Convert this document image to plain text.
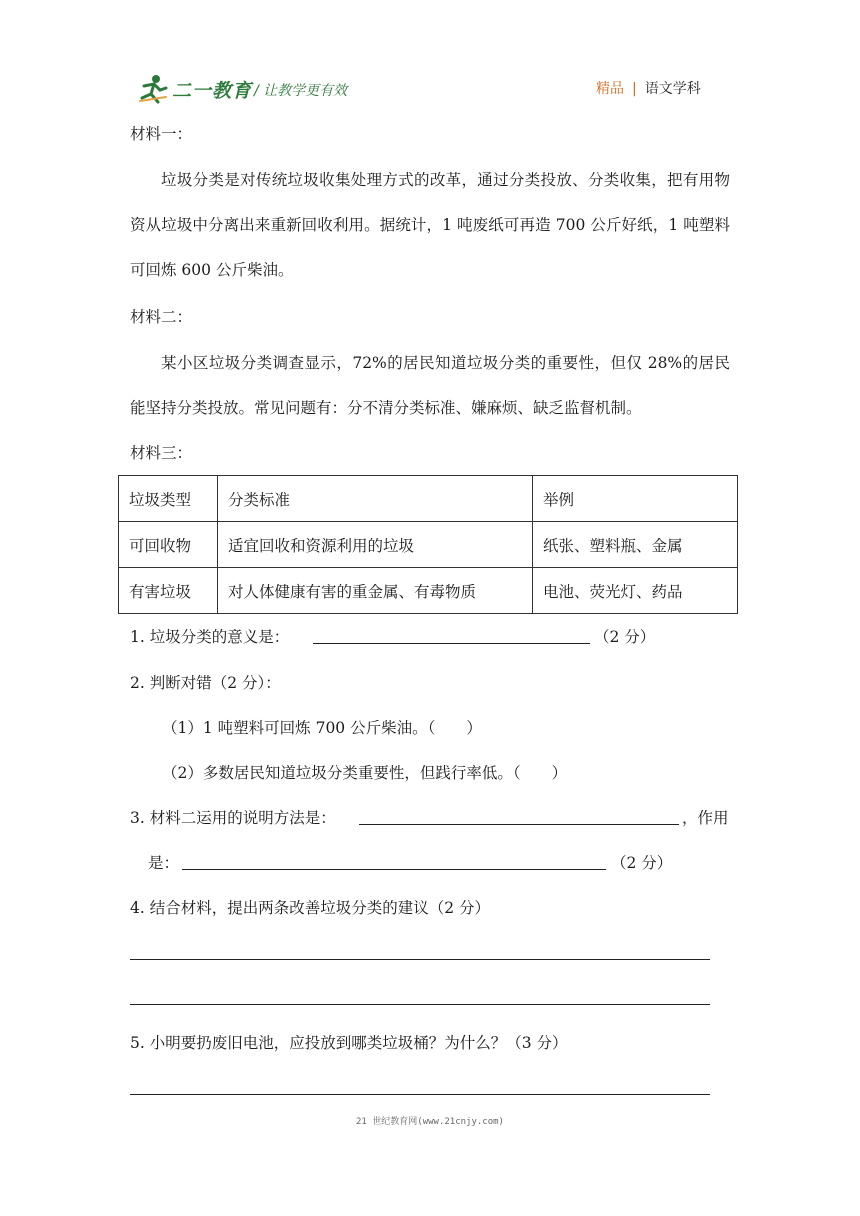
二一教育 / 让教学更有效	精品 | 语文学科
材料一：
垃圾分类是对传统垃圾收集处理方式的改革，通过分类投放、分类收集，把有用物资从垃圾中分离出来重新回收利用。据统计，1 吨废纸可再造 700 公斤好纸，1 吨塑料可回炼 600 公斤柴油。
材料二：
某小区垃圾分类调查显示，72%的居民知道垃圾分类的重要性，但仅 28%的居民能坚持分类投放。常见问题有：分不清分类标准、嫌麻烦、缺乏监督机制。
材料三：
垃圾类型	分类标准	举例
可回收物	适宜回收和资源利用的垃圾	纸张、塑料瓶、金属
有害垃圾	对人体健康有害的重金属、有毒物质	电池、荧光灯、药品
1. 垃圾分类的意义是：	（2 分）
2. 判断对错（2 分）：
（1）1 吨塑料可回炼 700 公斤柴油。（　　）
（2）多数居民知道垃圾分类重要性，但践行率低。（　　）
3. 材料二运用的说明方法是：	，作用
是：	（2 分）
4. 结合材料，提出两条改善垃圾分类的建议（2 分）
5. 小明要扔废旧电池，应投放到哪类垃圾桶？为什么？（3 分）
21 世纪教育网(www.21cnjy.com)
